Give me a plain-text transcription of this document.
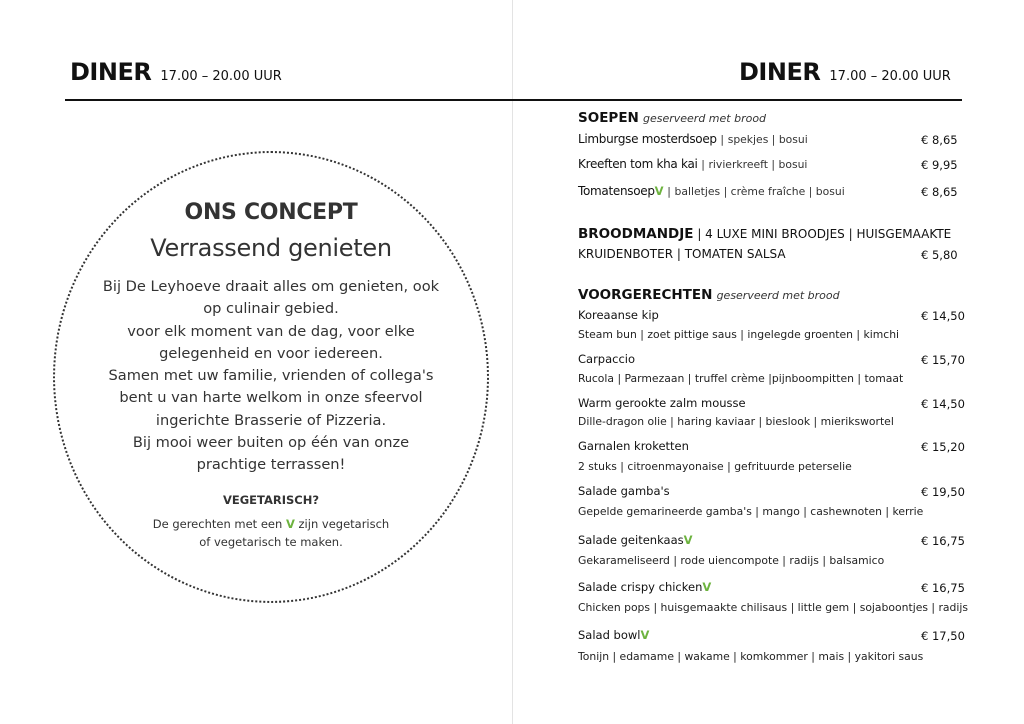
DINER 17.00 – 20.00 UUR	DINER 17.00 – 20.00 UUR
ONS CONCEPT
Verrassend genieten
Bij De Leyhoeve draait alles om genieten, ook
op culinair gebied.
voor elk moment van de dag, voor elke
gelegenheid en voor iedereen.
Samen met uw familie, vrienden of collega's
bent u van harte welkom in onze sfeervol
ingerichte Brasserie of Pizzeria.
Bij mooi weer buiten op één van onze
prachtige terrassen!
VEGETARISCH?
De gerechten met een V zijn vegetarisch
of vegetarisch te maken.
SOEPEN geserveerd met brood
Limburgse mosterdsoep | spekjes | bosui	€ 8,65
Kreeften tom kha kai | rivierkreeft | bosui	€ 9,95
TomatensoepV | balletjes | crème fraîche | bosui	€ 8,65
BROODMANDJE | 4 LUXE MINI BROODJES | HUISGEMAAKTE
KRUIDENBOTER | TOMATEN SALSA	€ 5,80
VOORGERECHTEN geserveerd met brood
Koreaanse kip	€ 14,50
Steam bun | zoet pittige saus | ingelegde groenten | kimchi
Carpaccio	€ 15,70
Rucola | Parmezaan | truffel crème |pijnboompitten | tomaat
Warm gerookte zalm mousse	€ 14,50
Dille-dragon olie | haring kaviaar | bieslook | mierikswortel
Garnalen kroketten	€ 15,20
2 stuks | citroenmayonaise | gefrituurde peterselie
Salade gamba's	€ 19,50
Gepelde gemarineerde gamba's | mango | cashewnoten | kerrie
Salade geitenkaasV	€ 16,75
Gekarameliseerd | rode uiencompote | radijs | balsamico
Salade crispy chickenV	€ 16,75
Chicken pops | huisgemaakte chilisaus | little gem | sojaboontjes | radijs
Salad bowlV	€ 17,50
Tonijn | edamame | wakame | komkommer | mais | yakitori saus
